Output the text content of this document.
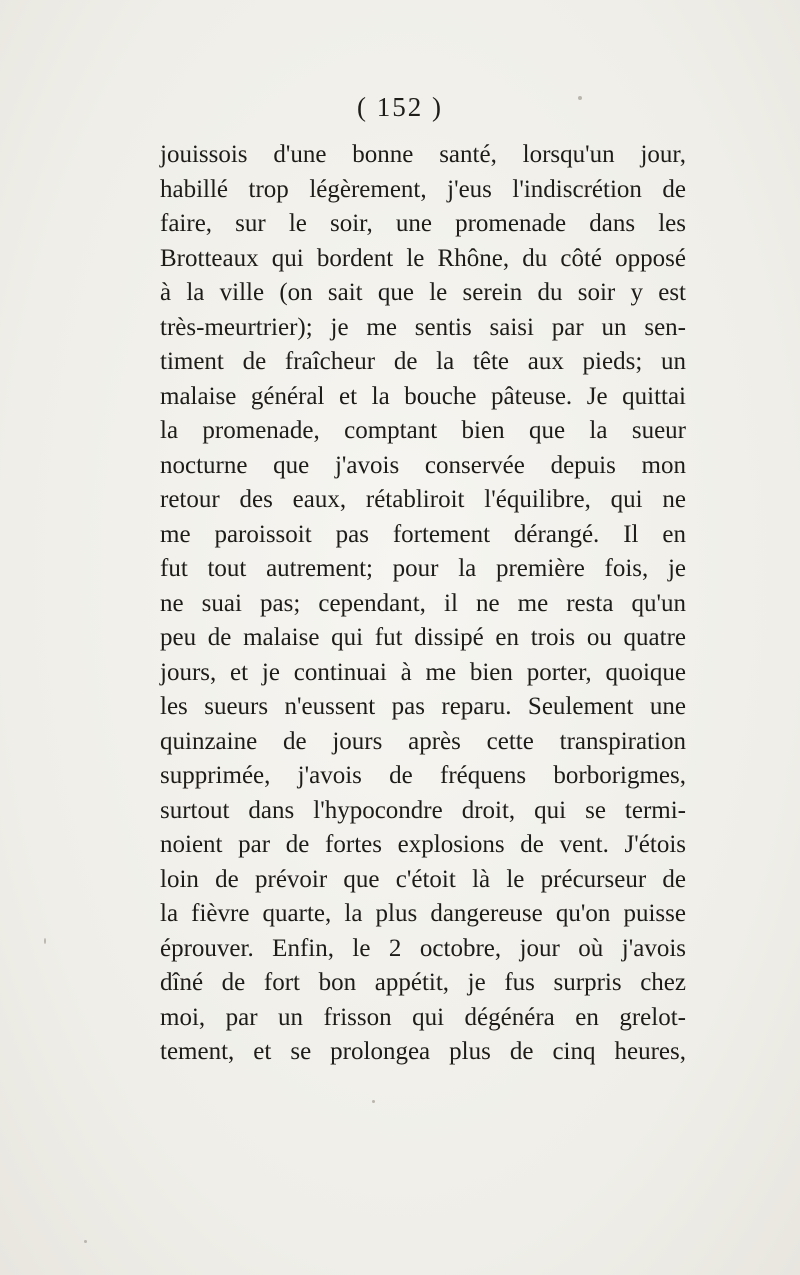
( 152 )
jouissois d'une bonne santé, lorsqu'un jour,
habillé trop légèrement, j'eus l'indiscrétion de
faire, sur le soir, une promenade dans les
Brotteaux qui bordent le Rhône, du côté opposé
à la ville (on sait que le serein du soir y est
très-meurtrier); je me sentis saisi par un sen-
timent de fraîcheur de la tête aux pieds; un
malaise général et la bouche pâteuse. Je quittai
la promenade, comptant bien que la sueur
nocturne que j'avois conservée depuis mon
retour des eaux, rétabliroit l'équilibre, qui ne
me paroissoit pas fortement dérangé. Il en
fut tout autrement; pour la première fois, je
ne suai pas; cependant, il ne me resta qu'un
peu de malaise qui fut dissipé en trois ou quatre
jours, et je continuai à me bien porter, quoique
les sueurs n'eussent pas reparu. Seulement une
quinzaine de jours après cette transpiration
supprimée, j'avois de fréquens borborigmes,
surtout dans l'hypocondre droit, qui se termi-
noient par de fortes explosions de vent. J'étois
loin de prévoir que c'étoit là le précurseur de
la fièvre quarte, la plus dangereuse qu'on puisse
éprouver. Enfin, le 2 octobre, jour où j'avois
dîné de fort bon appétit, je fus surpris chez
moi, par un frisson qui dégénéra en grelot-
tement, et se prolongea plus de cinq heures,
